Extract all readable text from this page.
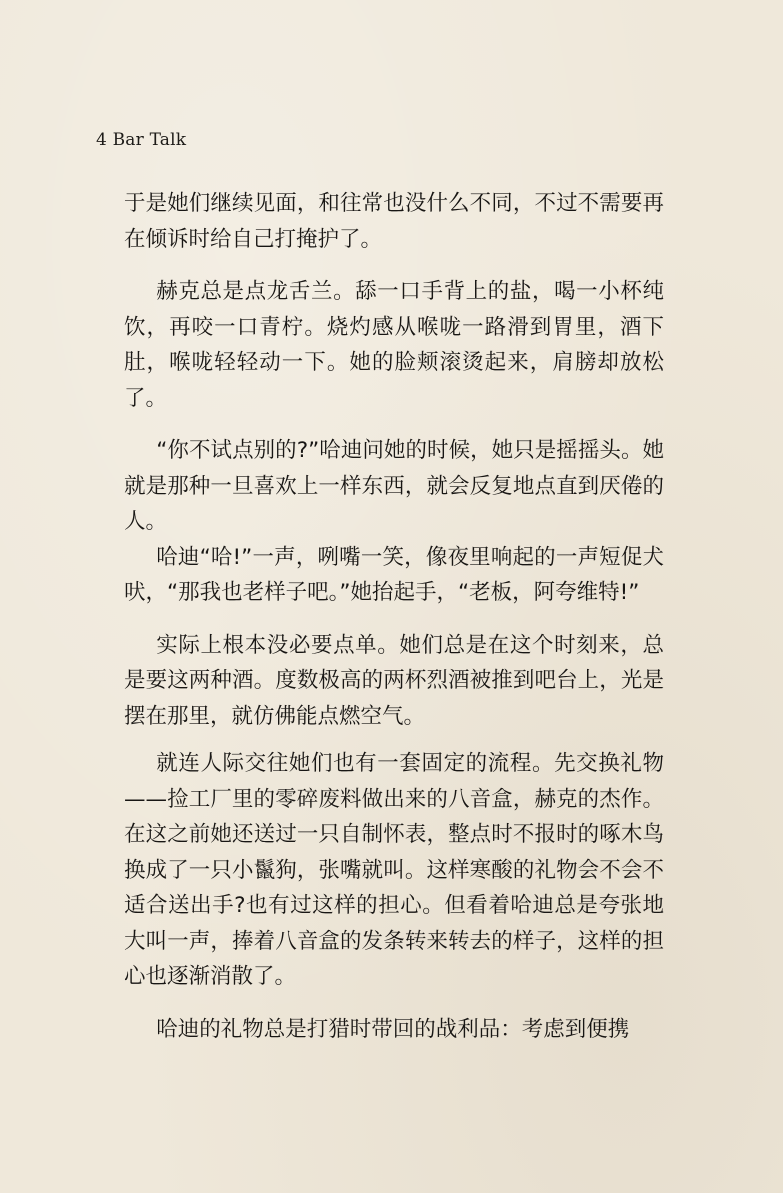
4 Bar Talk

于是她们继续见面，和往常也没什么不同，不过不需要再在倾诉时给自己打掩护了。

赫克总是点龙舌兰。舔一口手背上的盐，喝一小杯纯饮，再咬一口青柠。烧灼感从喉咙一路滑到胃里，酒下肚，喉咙轻轻动一下。她的脸颊滚烫起来，肩膀却放松了。

“你不试点别的?”哈迪问她的时候，她只是摇摇头。她就是那种一旦喜欢上一样东西，就会反复地点直到厌倦的人。

哈迪“哈!”一声，咧嘴一笑，像夜里响起的一声短促犬吠，“那我也老样子吧。”她抬起手，“老板，阿夸维特!”

实际上根本没必要点单。她们总是在这个时刻来，总是要这两种酒。度数极高的两杯烈酒被推到吧台上，光是摆在那里，就仿佛能点燃空气。

就连人际交往她们也有一套固定的流程。先交换礼物——捡工厂里的零碎废料做出来的八音盒，赫克的杰作。在这之前她还送过一只自制怀表，整点时不报时的啄木鸟换成了一只小鬣狗，张嘴就叫。这样寒酸的礼物会不会不适合送出手?也有过这样的担心。但看着哈迪总是夸张地大叫一声，捧着八音盒的发条转来转去的样子，这样的担心也逐渐消散了。

哈迪的礼物总是打猎时带回的战利品：考虑到便携
